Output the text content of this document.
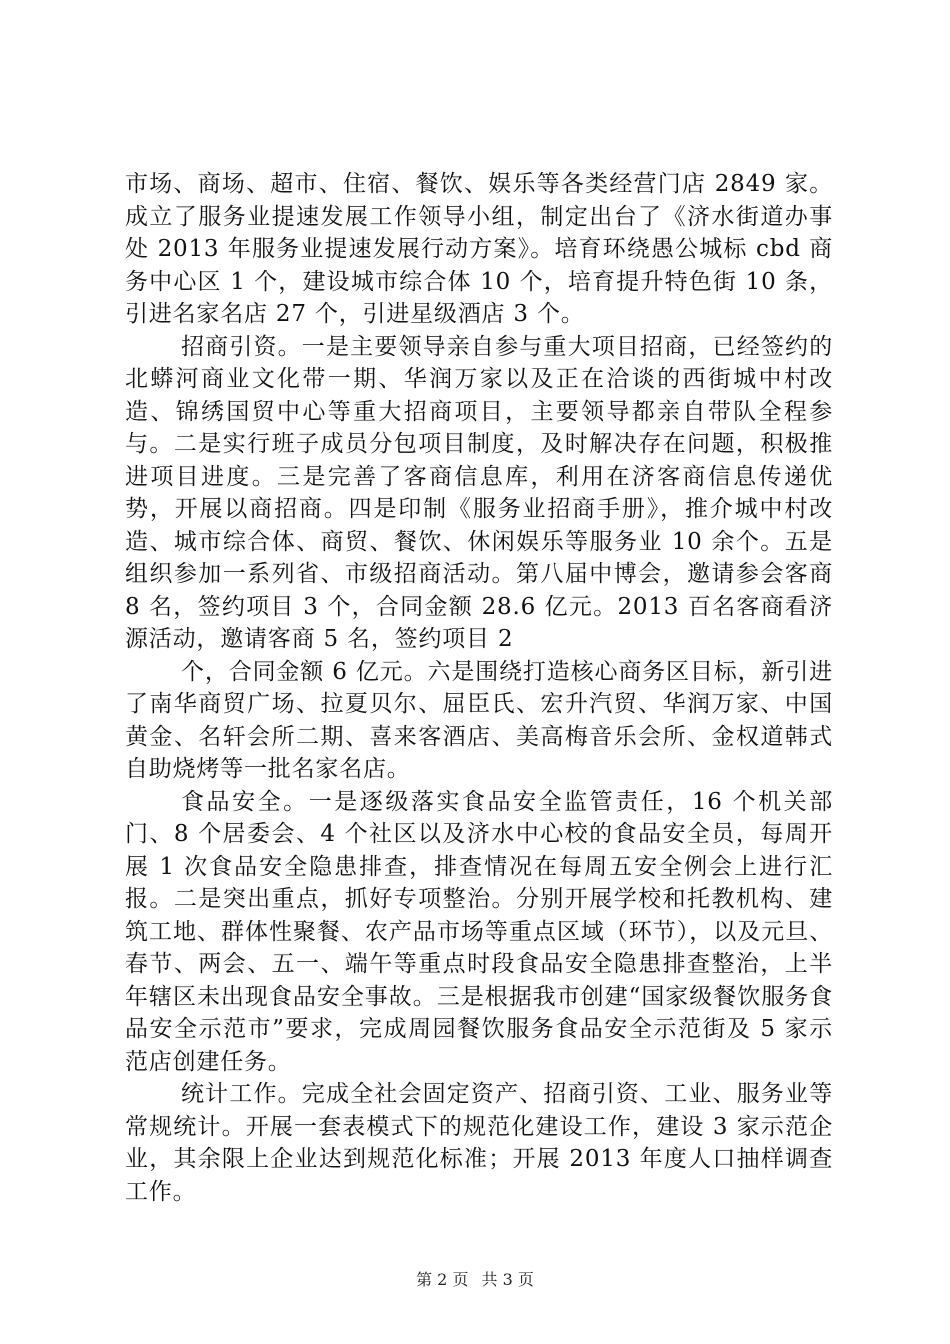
市场、商场、超市、住宿、餐饮、娱乐等各类经营门店 2849 家。成立了服务业提速发展工作领导小组，制定出台了《济水街道办事处 2013 年服务业提速发展行动方案》。培育环绕愚公城标 cbd 商务中心区 1 个，建设城市综合体 10 个，培育提升特色街 10 条，引进名家名店 27 个，引进星级酒店 3 个。

招商引资。一是主要领导亲自参与重大项目招商，已经签约的北蟒河商业文化带一期、华润万家以及正在洽谈的西街城中村改造、锦绣国贸中心等重大招商项目，主要领导都亲自带队全程参与。二是实行班子成员分包项目制度，及时解决存在问题，积极推进项目进度。三是完善了客商信息库，利用在济客商信息传递优势，开展以商招商。四是印制《服务业招商手册》，推介城中村改造、城市综合体、商贸、餐饮、休闲娱乐等服务业 10 余个。五是组织参加一系列省、市级招商活动。第八届中博会，邀请参会客商 8 名，签约项目 3 个，合同金额 28.6 亿元。2013 百名客商看济源活动，邀请客商 5 名，签约项目 2

个，合同金额 6 亿元。六是围绕打造核心商务区目标，新引进了南华商贸广场、拉夏贝尔、屈臣氏、宏升汽贸、华润万家、中国黄金、名轩会所二期、喜来客酒店、美高梅音乐会所、金权道韩式自助烧烤等一批名家名店。

食品安全。一是逐级落实食品安全监管责任，16 个机关部门、8 个居委会、4 个社区以及济水中心校的食品安全员，每周开展 1 次食品安全隐患排查，排查情况在每周五安全例会上进行汇报。二是突出重点，抓好专项整治。分别开展学校和托教机构、建筑工地、群体性聚餐、农产品市场等重点区域（环节），以及元旦、春节、两会、五一、端午等重点时段食品安全隐患排查整治，上半年辖区未出现食品安全事故。三是根据我市创建“国家级餐饮服务食品安全示范市”要求，完成周园餐饮服务食品安全示范街及 5 家示范店创建任务。

统计工作。完成全社会固定资产、招商引资、工业、服务业等常规统计。开展一套表模式下的规范化建设工作，建设 3 家示范企业，其余限上企业达到规范化标准；开展 2013 年度人口抽样调查工作。

第 2 页 共 3 页
